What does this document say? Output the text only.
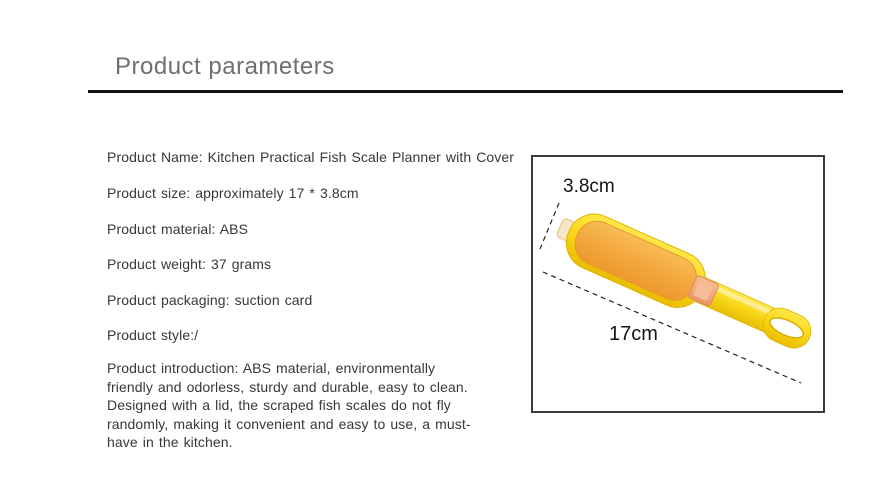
Product parameters
Product Name: Kitchen Practical Fish Scale Planner with Cover
Product size: approximately 17 * 3.8cm
Product material: ABS
Product weight: 37 grams
Product packaging: suction card
Product style:/
Product introduction: ABS material, environmentally friendly and odorless, sturdy and durable, easy to clean. Designed with a lid, the scraped fish scales do not fly randomly, making it convenient and easy to use, a must-have in the kitchen.
3.8cm
17cm
